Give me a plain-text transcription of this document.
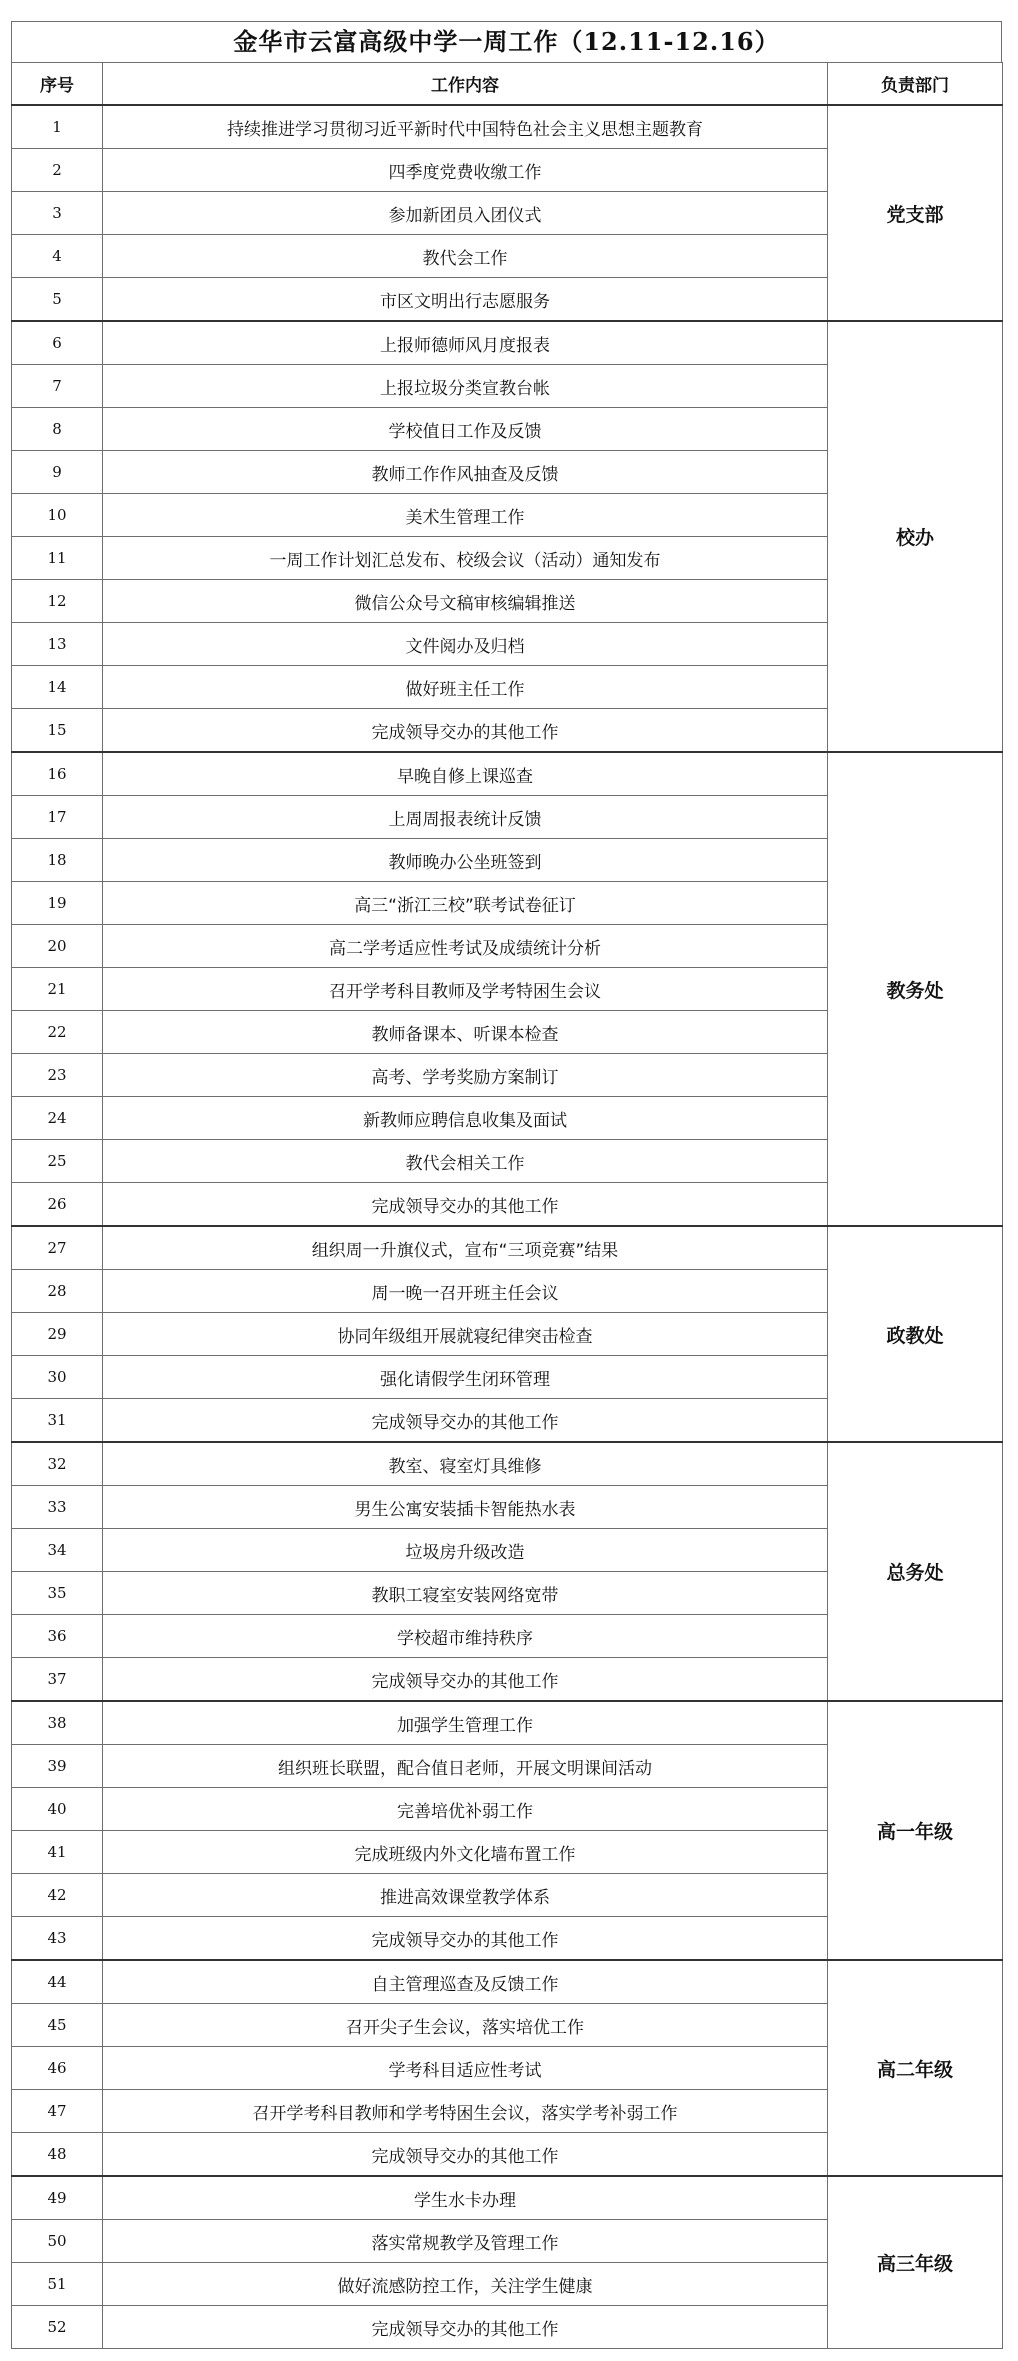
金华市云富高级中学一周工作（12.11-12.16）
序号	工作内容	负责部门
1	持续推进学习贯彻习近平新时代中国特色社会主义思想主题教育	党支部
2	四季度党费收缴工作	
3	参加新团员入团仪式	
4	教代会工作	
5	市区文明出行志愿服务	
6	上报师德师风月度报表	校办
7	上报垃圾分类宣教台帐	
8	学校值日工作及反馈	
9	教师工作作风抽查及反馈	
10	美术生管理工作	
11	一周工作计划汇总发布、校级会议（活动）通知发布	
12	微信公众号文稿审核编辑推送	
13	文件阅办及归档	
14	做好班主任工作	
15	完成领导交办的其他工作	
16	早晚自修上课巡查	教务处
17	上周周报表统计反馈	
18	教师晚办公坐班签到	
19	高三“浙江三校”联考试卷征订	
20	高二学考适应性考试及成绩统计分析	
21	召开学考科目教师及学考特困生会议	
22	教师备课本、听课本检查	
23	高考、学考奖励方案制订	
24	新教师应聘信息收集及面试	
25	教代会相关工作	
26	完成领导交办的其他工作	
27	组织周一升旗仪式，宣布“三项竞赛”结果	政教处
28	周一晚一召开班主任会议	
29	协同年级组开展就寝纪律突击检查	
30	强化请假学生闭环管理	
31	完成领导交办的其他工作	
32	教室、寝室灯具维修	总务处
33	男生公寓安装插卡智能热水表	
34	垃圾房升级改造	
35	教职工寝室安装网络宽带	
36	学校超市维持秩序	
37	完成领导交办的其他工作	
38	加强学生管理工作	高一年级
39	组织班长联盟，配合值日老师，开展文明课间活动	
40	完善培优补弱工作	
41	完成班级内外文化墙布置工作	
42	推进高效课堂教学体系	
43	完成领导交办的其他工作	
44	自主管理巡查及反馈工作	高二年级
45	召开尖子生会议，落实培优工作	
46	学考科目适应性考试	
47	召开学考科目教师和学考特困生会议，落实学考补弱工作	
48	完成领导交办的其他工作	
49	学生水卡办理	高三年级
50	落实常规教学及管理工作	
51	做好流感防控工作，关注学生健康	
52	完成领导交办的其他工作	
